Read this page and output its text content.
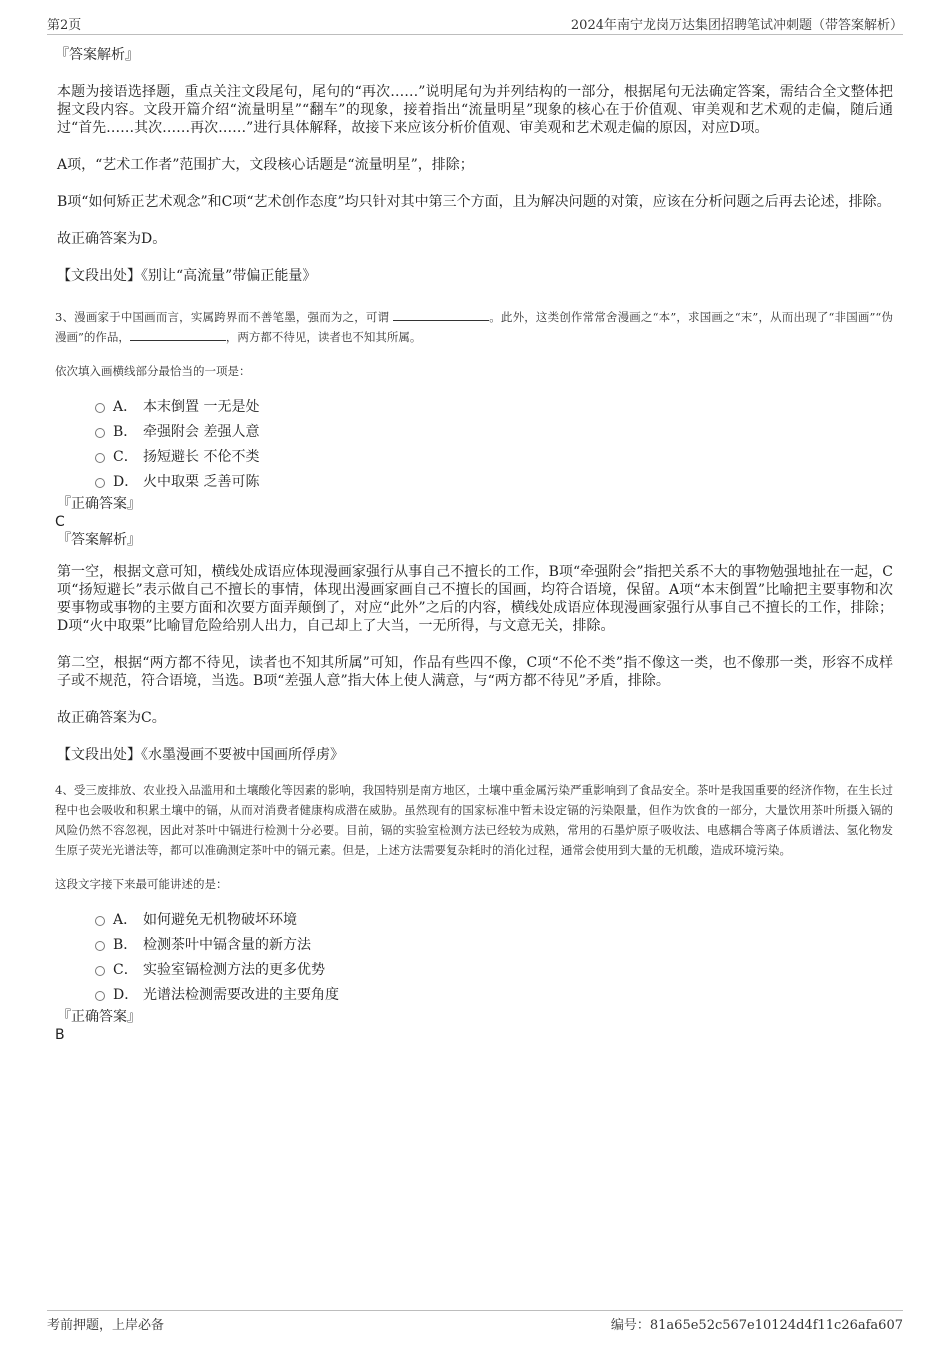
第2页	2024年南宁龙岗万达集团招聘笔试冲刺题（带答案解析）
『答案解析』

本题为接语选择题，重点关注文段尾句，尾句的“再次……”说明尾句为并列结构的一部分，根据尾句无法确定答案，需结合全文整体把握文段内容。文段开篇介绍“流量明星”“翻车”的现象，接着指出“流量明星”现象的核心在于价值观、审美观和艺术观的走偏，随后通过“首先……其次……再次……”进行具体解释，故接下来应该分析价值观、审美观和艺术观走偏的原因，对应D项。

A项，“艺术工作者”范围扩大，文段核心话题是“流量明星”，排除；

B项“如何矫正艺术观念”和C项“艺术创作态度”均只针对其中第三个方面，且为解决问题的对策，应该在分析问题之后再去论述，排除。

故正确答案为D。

【文段出处】《别让“高流量”带偏正能量》

3、漫画家于中国画而言，实属跨界而不善笔墨，强而为之，可谓	。此外，这类创作常常舍漫画之“本”，求国画之“末”，从而出现了“非国画”“伪漫画”的作品，	，两方都不待见，读者也不知其所属。

依次填入画横线部分最恰当的一项是：

A． 本末倒置 一无是处
B． 牵强附会 差强人意
C． 扬短避长 不伦不类
D． 火中取栗 乏善可陈
『正确答案』
C
『答案解析』

第一空，根据文意可知，横线处成语应体现漫画家强行从事自己不擅长的工作，B项“牵强附会”指把关系不大的事物勉强地扯在一起，C项“扬短避长”表示做自己不擅长的事情，体现出漫画家画自己不擅长的国画，均符合语境，保留。A项“本末倒置”比喻把主要事物和次要事物或事物的主要方面和次要方面弄颠倒了，对应“此外”之后的内容，横线处成语应体现漫画家强行从事自己不擅长的工作，排除；D项“火中取栗”比喻冒危险给别人出力，自己却上了大当，一无所得，与文意无关，排除。

第二空，根据“两方都不待见，读者也不知其所属”可知，作品有些四不像，C项“不伦不类”指不像这一类，也不像那一类，形容不成样子或不规范，符合语境，当选。B项“差强人意”指大体上使人满意，与“两方都不待见”矛盾，排除。

故正确答案为C。

【文段出处】《水墨漫画不要被中国画所俘虏》

4、受三废排放、农业投入品滥用和土壤酸化等因素的影响，我国特别是南方地区，土壤中重金属污染严重影响到了食品安全。茶叶是我国重要的经济作物，在生长过程中也会吸收和积累土壤中的镉，从而对消费者健康构成潜在威胁。虽然现有的国家标准中暂未设定镉的污染限量，但作为饮食的一部分，大量饮用茶叶所摄入镉的风险仍然不容忽视，因此对茶叶中镉进行检测十分必要。目前，镉的实验室检测方法已经较为成熟，常用的石墨炉原子吸收法、电感耦合等离子体质谱法、氢化物发生原子荧光光谱法等，都可以准确测定茶叶中的镉元素。但是，上述方法需要复杂耗时的消化过程，通常会使用到大量的无机酸，造成环境污染。

这段文字接下来最可能讲述的是：

A． 如何避免无机物破坏环境
B． 检测茶叶中镉含量的新方法
C． 实验室镉检测方法的更多优势
D． 光谱法检测需要改进的主要角度
『正确答案』
B
考前押题，上岸必备	编号：81a65e52c567e10124d4f11c26afa607
